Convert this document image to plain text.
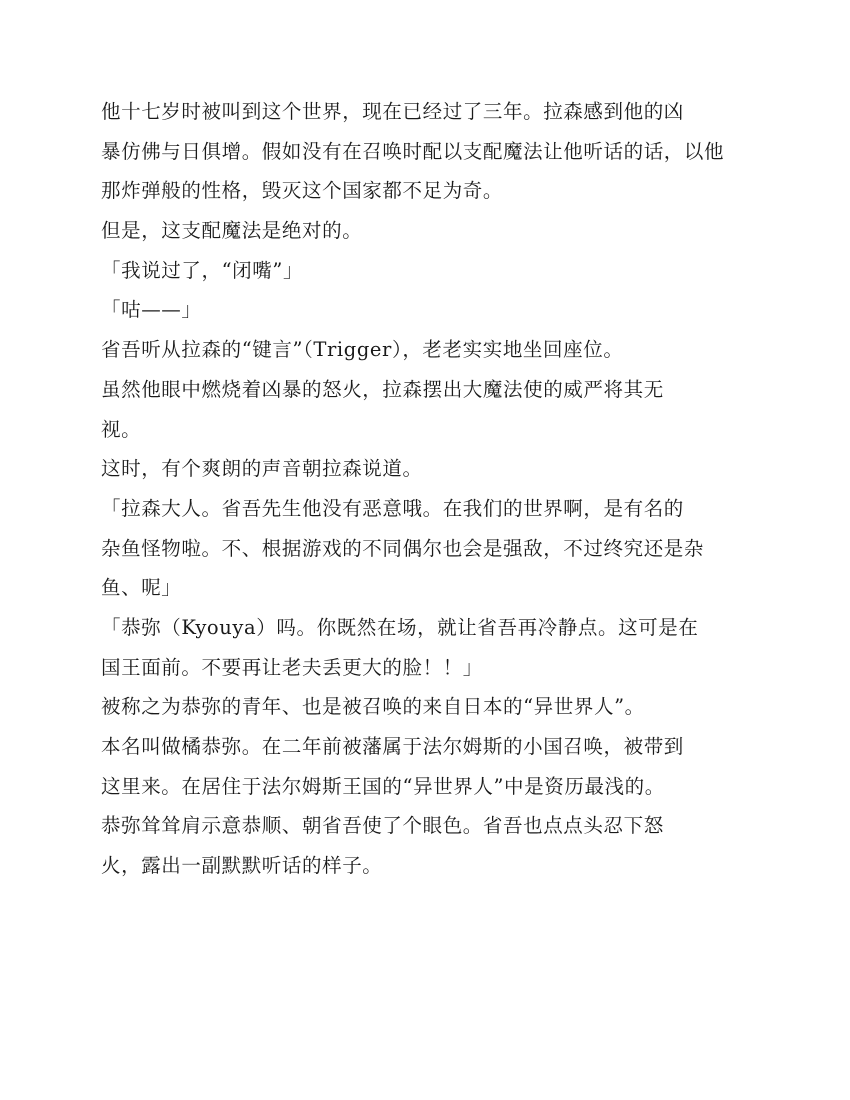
他十七岁时被叫到这个世界，现在已经过了三年。拉森感到他的凶
暴仿佛与日俱增。假如没有在召唤时配以支配魔法让他听话的话，以他
那炸弹般的性格，毁灭这个国家都不足为奇。
但是，这支配魔法是绝对的。
「我说过了，“闭嘴”」
「咕——」
省吾听从拉森的“键言”（Trigger），老老实实地坐回座位。
虽然他眼中燃烧着凶暴的怒火，拉森摆出大魔法使的威严将其无
视。
这时，有个爽朗的声音朝拉森说道。
「拉森大人。省吾先生他没有恶意哦。在我们的世界啊，是有名的
杂鱼怪物啦。不、根据游戏的不同偶尔也会是强敌，不过终究还是杂
鱼、呢」
「恭弥（Kyouya）吗。你既然在场，就让省吾再冷静点。这可是在
国王面前。不要再让老夫丢更大的脸！！」
被称之为恭弥的青年、也是被召唤的来自日本的“异世界人”。
本名叫做橘恭弥。在二年前被藩属于法尔姆斯的小国召唤，被带到
这里来。在居住于法尔姆斯王国的“异世界人”中是资历最浅的。
恭弥耸耸肩示意恭顺、朝省吾使了个眼色。省吾也点点头忍下怒
火，露出一副默默听话的样子。
